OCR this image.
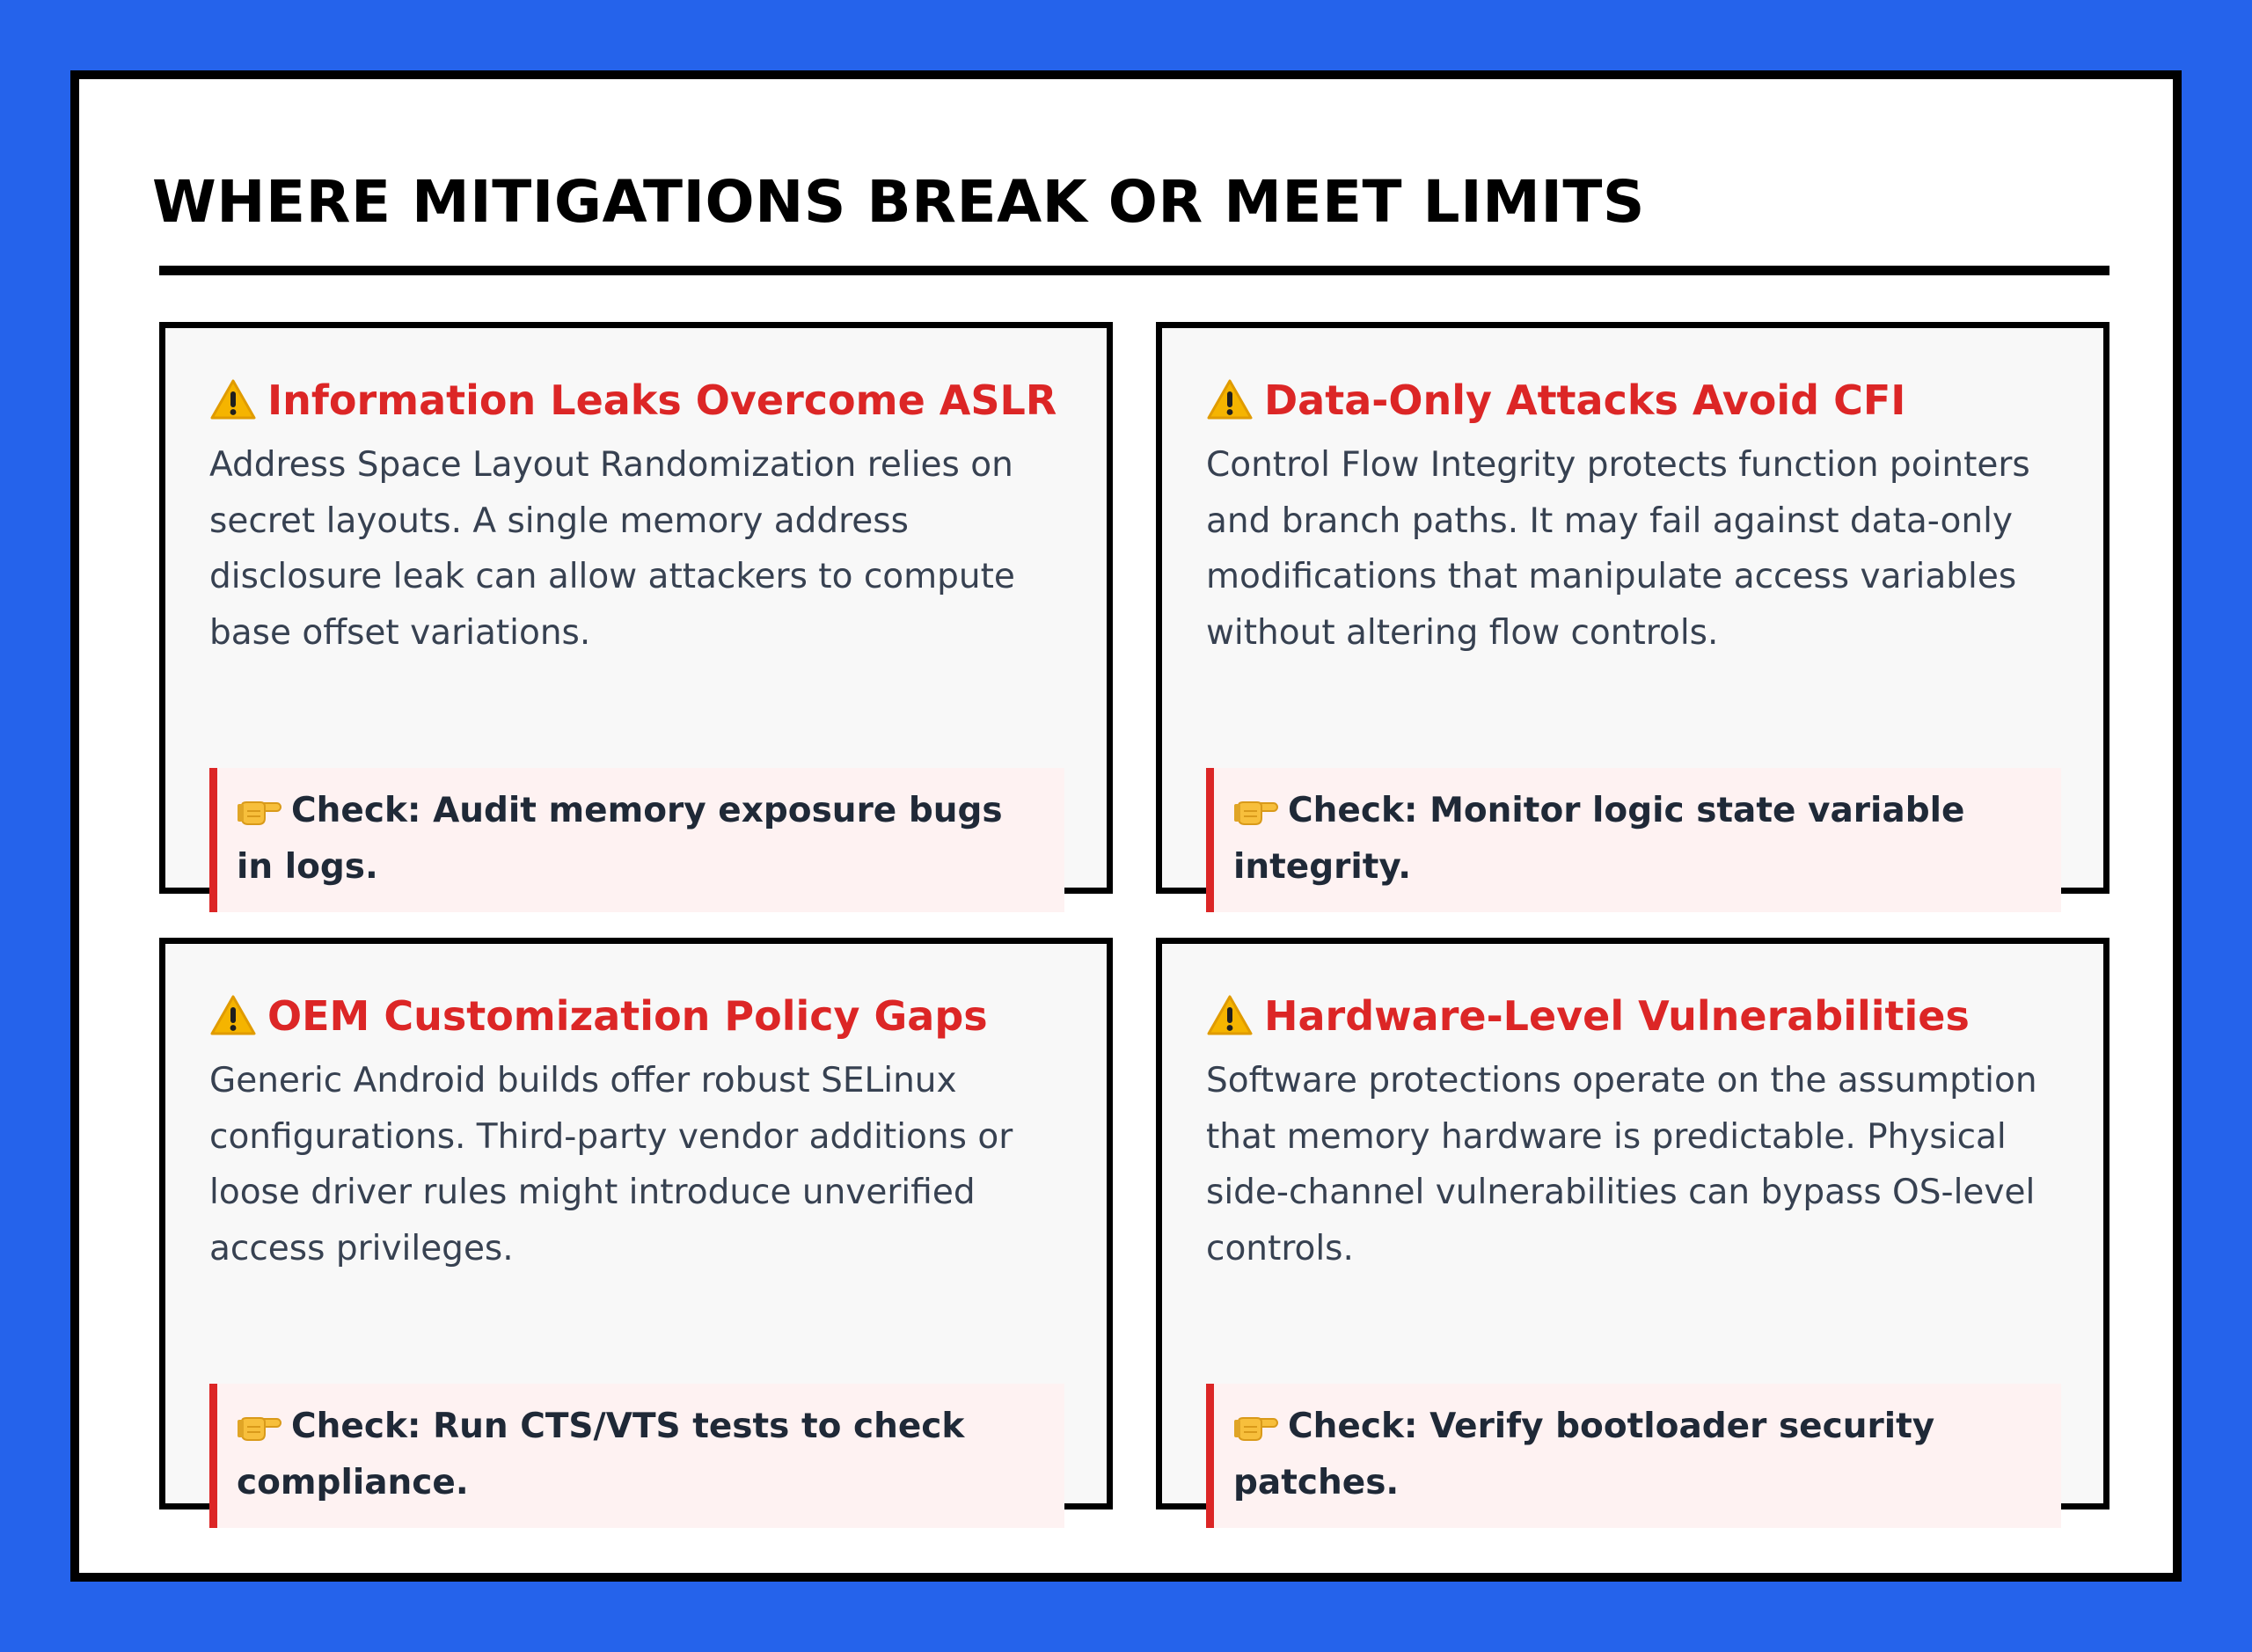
WHERE MITIGATIONS BREAK OR MEET LIMITS
Information Leaks Overcome ASLR

Address Space Layout Randomization relies on secret layouts. A single memory address disclosure leak can allow attackers to compute base offset variations.

Check: Audit memory exposure bugs in logs.
Data-Only Attacks Avoid CFI

Control Flow Integrity protects function pointers and branch paths. It may fail against data-only modifications that manipulate access variables without altering flow controls.

Check: Monitor logic state variable integrity.
OEM Customization Policy Gaps

Generic Android builds offer robust SELinux configurations. Third-party vendor additions or loose driver rules might introduce unverified access privileges.

Check: Run CTS/VTS tests to check compliance.
Hardware-Level Vulnerabilities

Software protections operate on the assumption that memory hardware is predictable. Physical side-channel vulnerabilities can bypass OS-level controls.

Check: Verify bootloader security patches.
